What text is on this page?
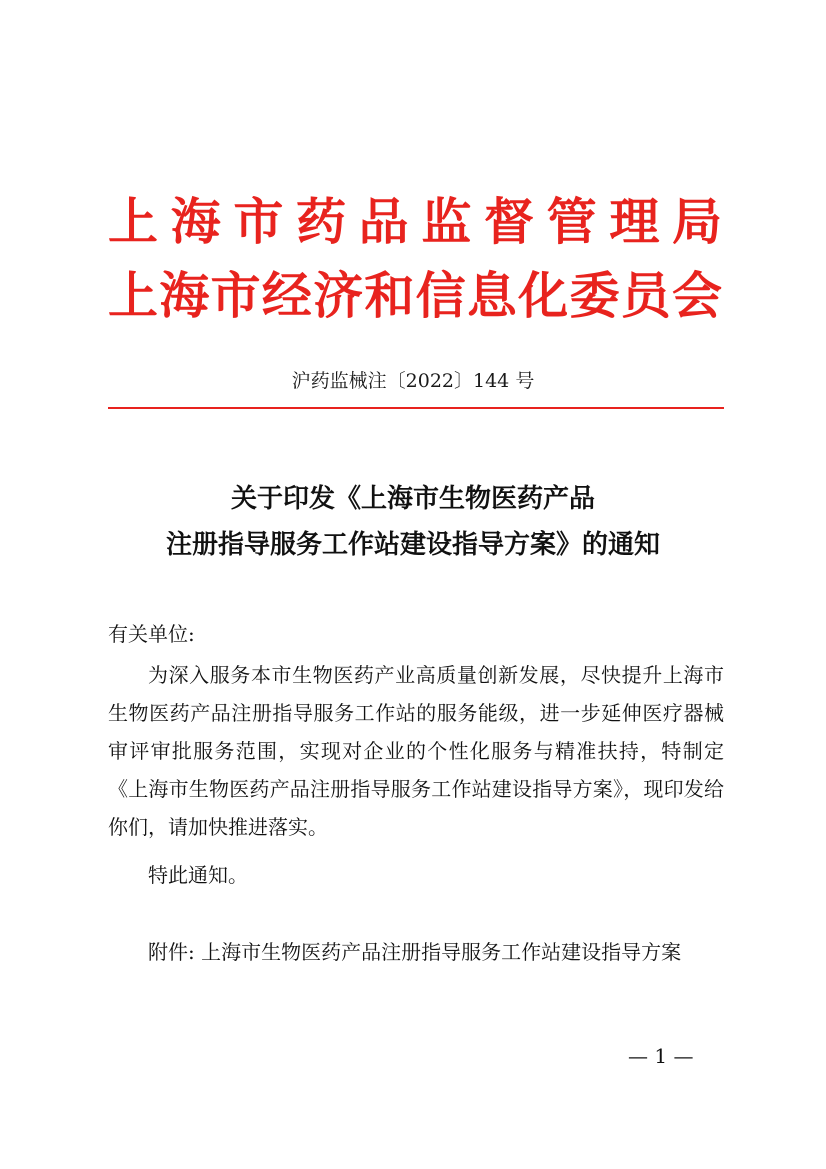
上海市药品监督管理局
上海市经济和信息化委员会
沪药监械注〔2022〕144 号
关于印发《上海市生物医药产品
注册指导服务工作站建设指导方案》的通知
有关单位:

为深入服务本市生物医药产业高质量创新发展，尽快提升上海市生物医药产品注册指导服务工作站的服务能级，进一步延伸医疗器械审评审批服务范围，实现对企业的个性化服务与精准扶持，特制定《上海市生物医药产品注册指导服务工作站建设指导方案》，现印发给你们，请加快推进落实。

特此通知。

附件: 上海市生物医药产品注册指导服务工作站建设指导方案
— 1 —
